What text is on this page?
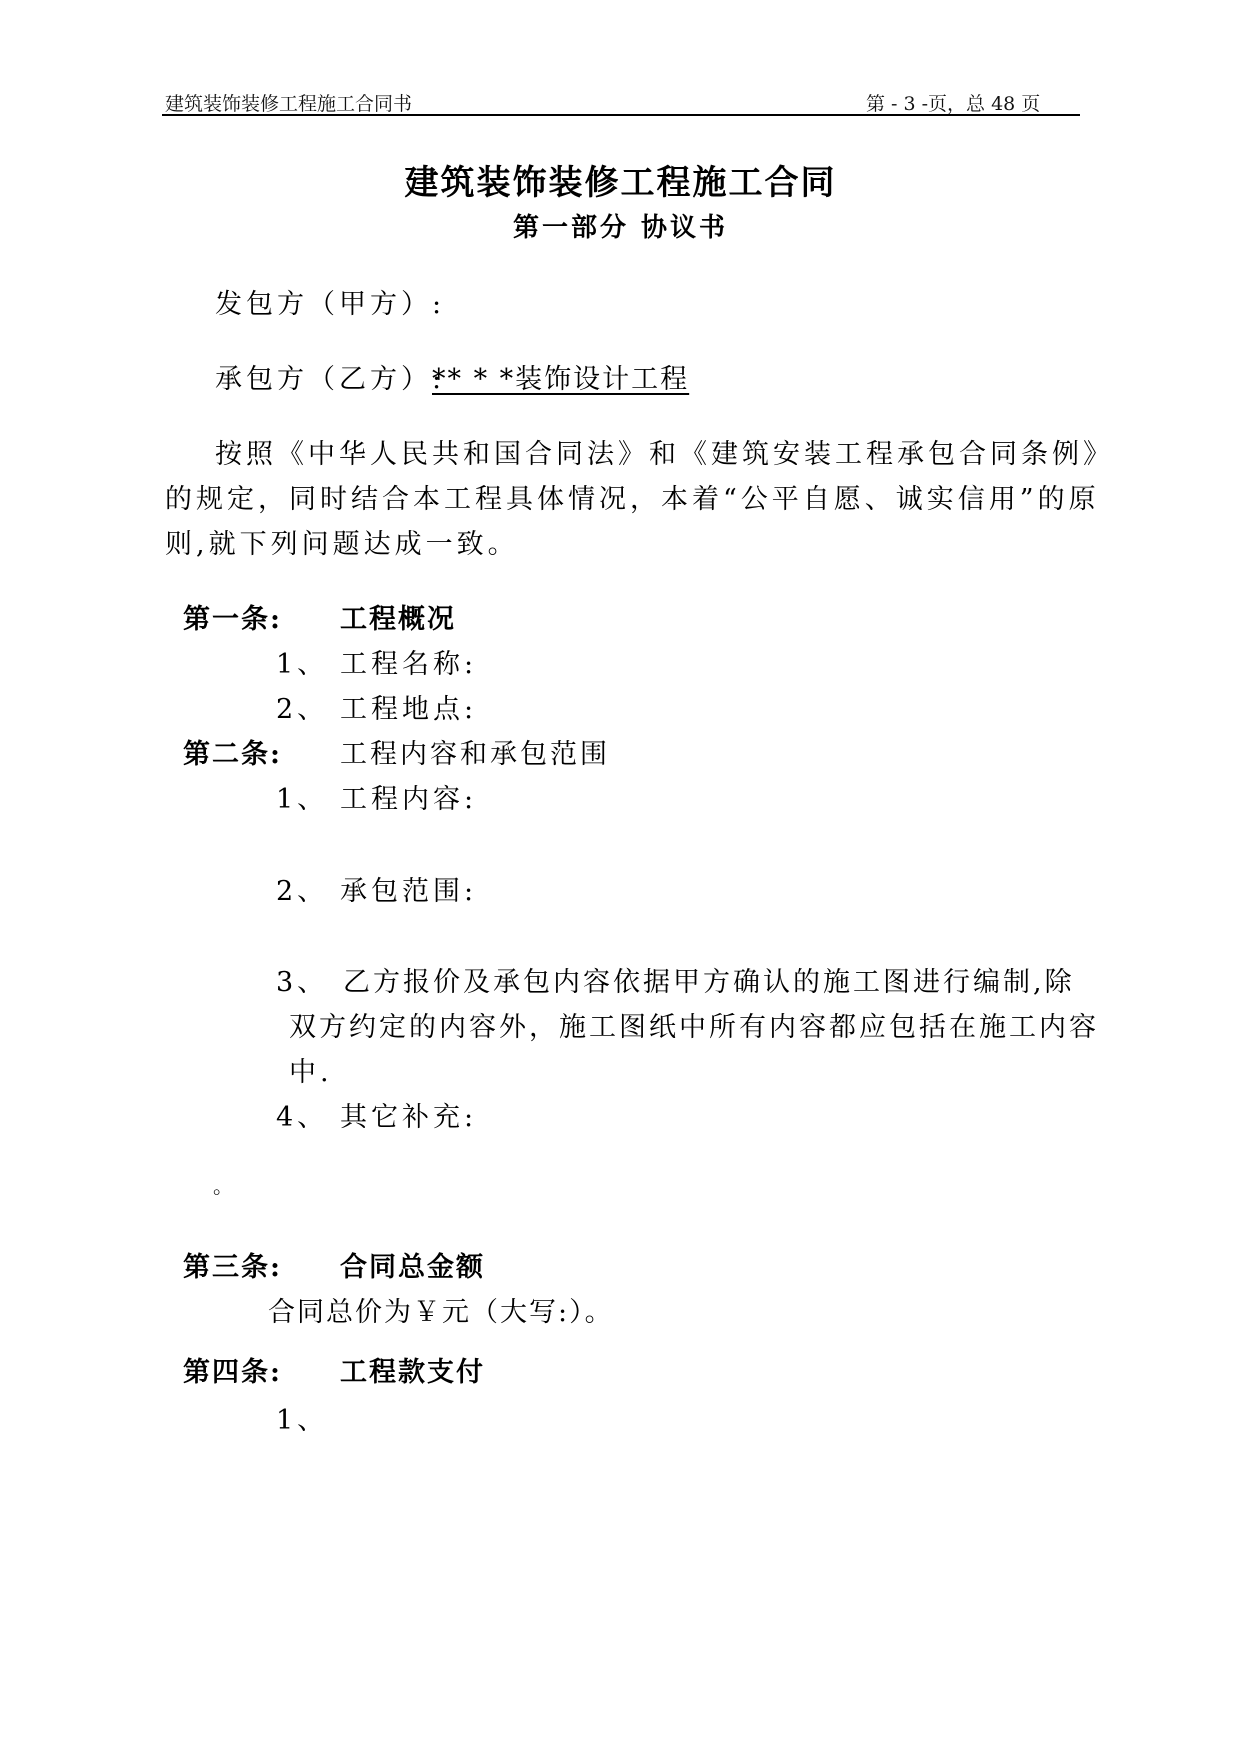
建筑装饰装修工程施工合同书	第 - 3 -页，总 48 页
建筑装饰装修工程施工合同
第一部分 协议书
发包方（甲方）:
承包方（乙方）:
** * *装饰设计工程
按照《中华人民共和国合同法》和《建筑安装工程承包合同条例》
的规定，同时结合本工程具体情况，本着“公平自愿、诚实信用”的原
则,就下列问题达成一致。
第一条: 工程概况
1、 工程名称:
2、 工程地点:
第二条: 工程内容和承包范围
1、 工程内容:
2、 承包范围:
3、 乙方报价及承包内容依据甲方确认的施工图进行编制,除
双方约定的内容外，施工图纸中所有内容都应包括在施工内容
中.
4、 其它补充:
。
第三条: 合同总金额
合同总价为￥元（大写:）。
第四条: 工程款支付
1、
